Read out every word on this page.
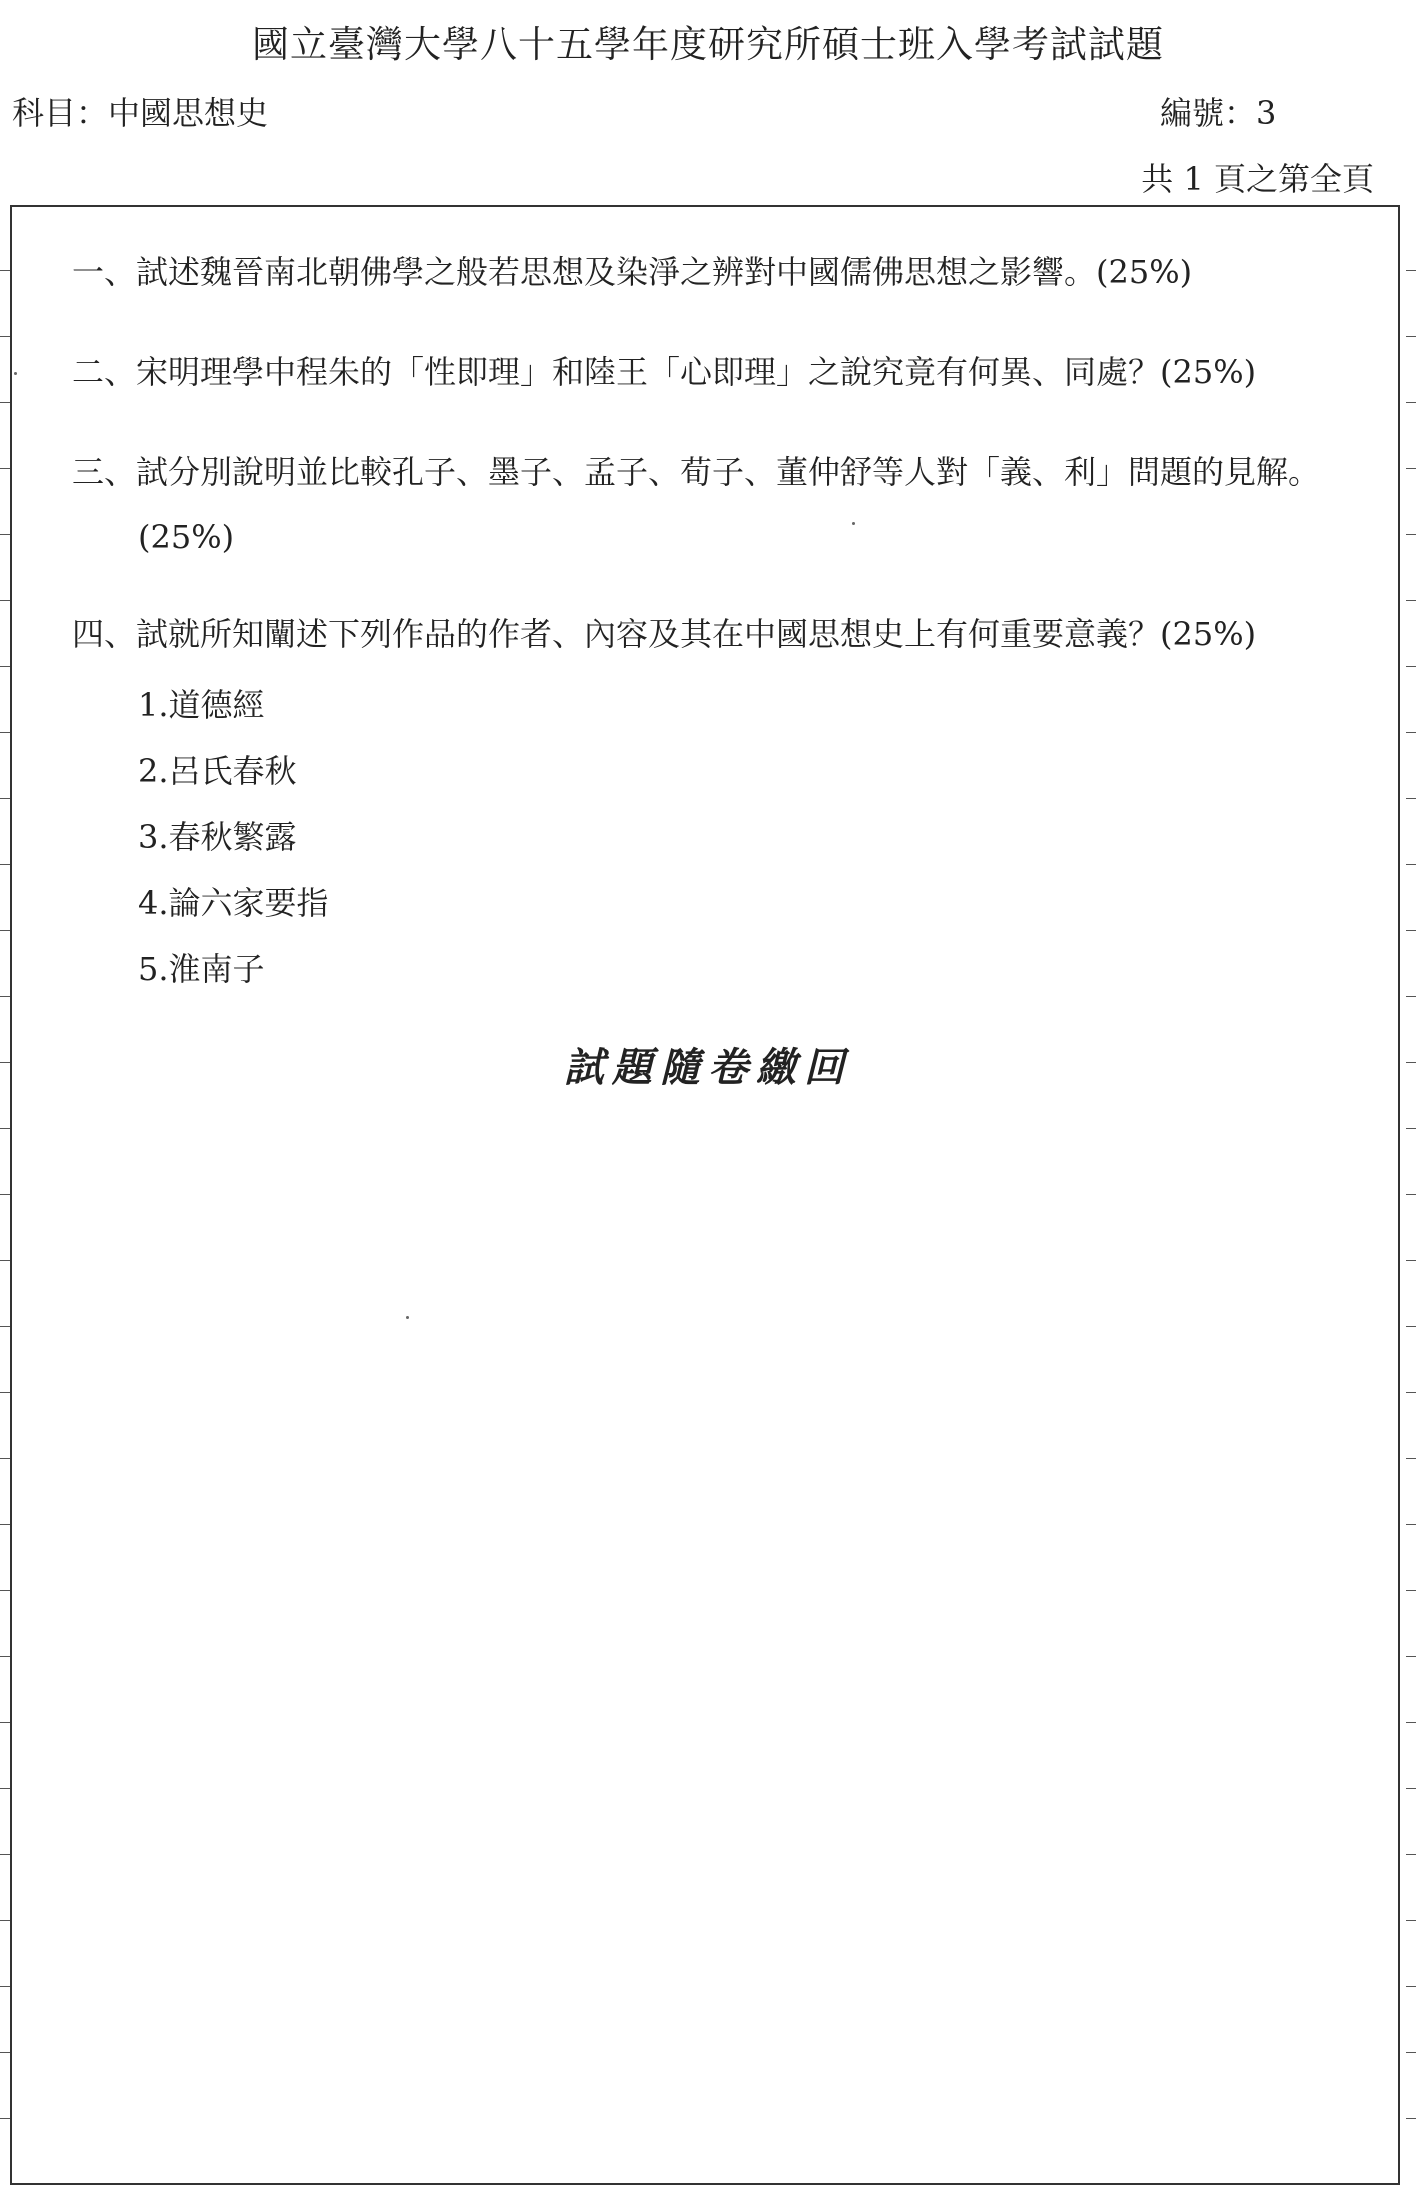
國立臺灣大學八十五學年度研究所碩士班入學考試試題
科目：中國思想史	編號：3
共 1 頁之第全頁
一、試述魏晉南北朝佛學之般若思想及染淨之辨對中國儒佛思想之影響。(25%)
二、宋明理學中程朱的「性即理」和陸王「心即理」之說究竟有何異、同處？(25%)
三、試分別說明並比較孔子、墨子、孟子、荀子、董仲舒等人對「義、利」問題的見解。
(25%)
四、試就所知闡述下列作品的作者、內容及其在中國思想史上有何重要意義？(25%)
1.道德經
2.呂氏春秋
3.春秋繁露
4.論六家要指
5.淮南子
試題隨卷繳回
